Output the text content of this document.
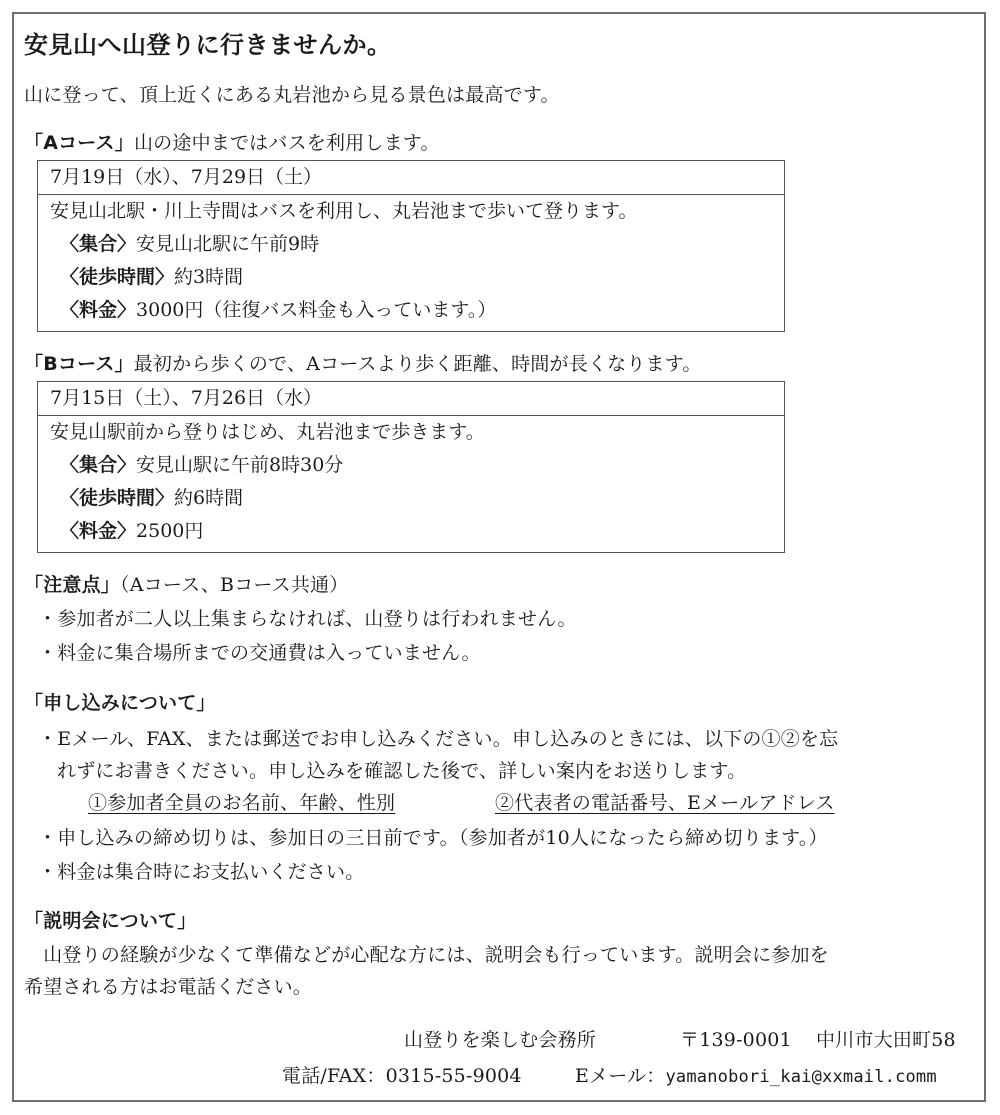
安見山へ山登りに行きませんか。
山に登って、頂上近くにある丸岩池から見る景色は最高です。
「Aコース」山の途中まではバスを利用します。
7月19日（水）、7月29日（土）
安見山北駅・川上寺間はバスを利用し、丸岩池まで歩いて登ります。
〈集合〉安見山北駅に午前9時
〈徒歩時間〉約3時間
〈料金〉3000円（往復バス料金も入っています。）
「Bコース」最初から歩くので、Aコースより歩く距離、時間が長くなります。
7月15日（土）、7月26日（水）
安見山駅前から登りはじめ、丸岩池まで歩きます。
〈集合〉安見山駅に午前8時30分
〈徒歩時間〉約6時間
〈料金〉2500円
「注意点」（Aコース、Bコース共通）
・参加者が二人以上集まらなければ、山登りは行われません。
・料金に集合場所までの交通費は入っていません。
「申し込みについて」
・Eメール、FAX、または郵送でお申し込みください。申し込みのときには、以下の①②を忘
れずにお書きください。申し込みを確認した後で、詳しい案内をお送りします。
①参加者全員のお名前、年齢、性別	②代表者の電話番号、Eメールアドレス
・申し込みの締め切りは、参加日の三日前です。（参加者が10人になったら締め切ります。）
・料金は集合時にお支払いください。
「説明会について」
　山登りの経験が少なくて準備などが心配な方には、説明会も行っています。説明会に参加を
希望される方はお電話ください。
山登りを楽しむ会務所	〒139-0001 中川市大田町58
電話/FAX：0315-55-9004	Eメール：yamanobori_kai@xxmail.comm
